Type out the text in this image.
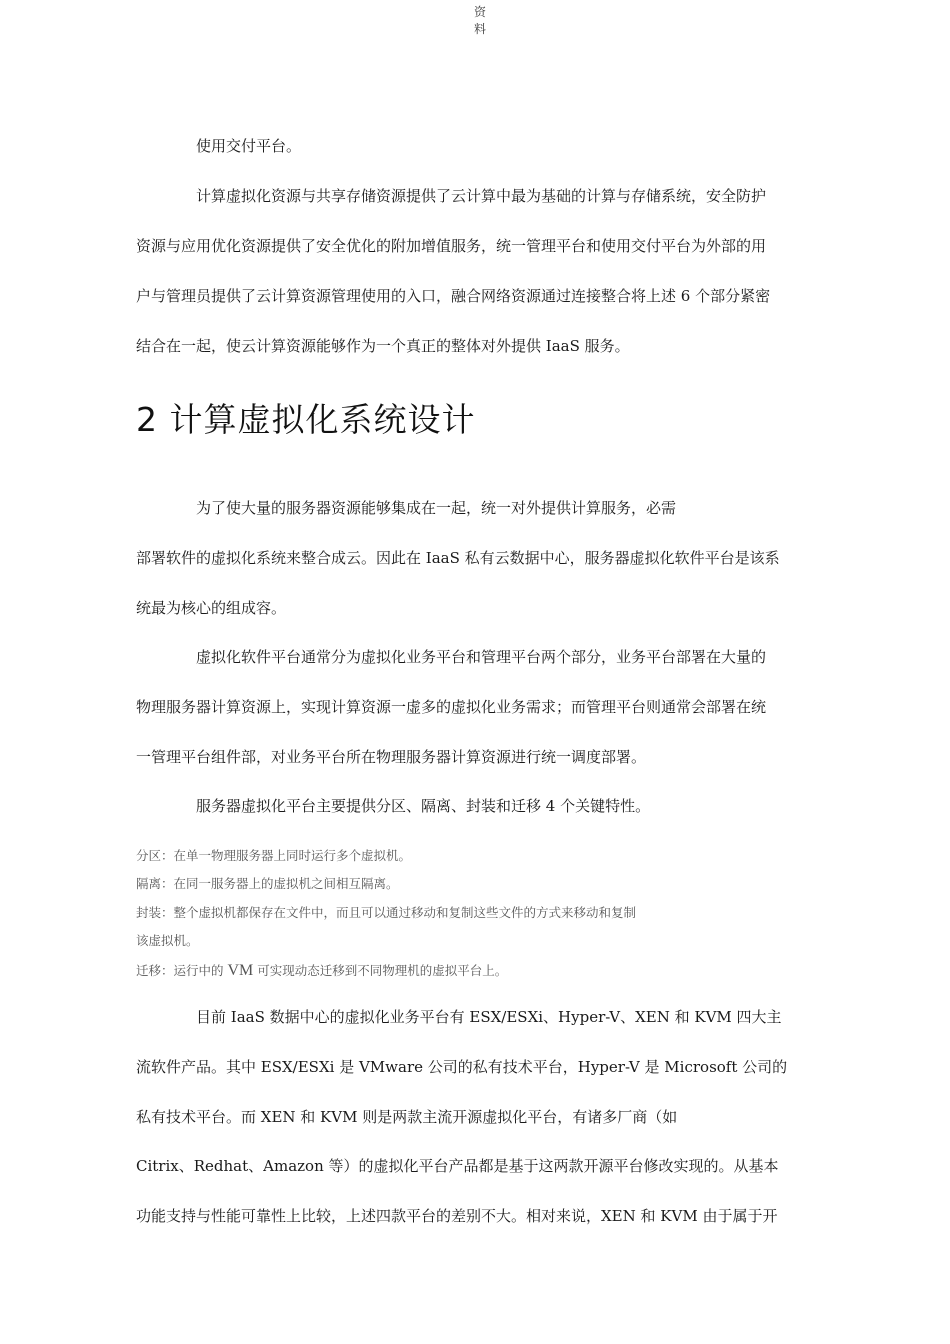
资
料
使用交付平台。
计算虚拟化资源与共享存储资源提供了云计算中最为基础的计算与存储系统，安全防护
资源与应用优化资源提供了安全优化的附加增值服务，统一管理平台和使用交付平台为外部的用
户与管理员提供了云计算资源管理使用的入口，融合网络资源通过连接整合将上述 6 个部分紧密
结合在一起，使云计算资源能够作为一个真正的整体对外提供 IaaS 服务。
2 计算虚拟化系统设计
为了使大量的服务器资源能够集成在一起，统一对外提供计算服务，必需
部署软件的虚拟化系统来整合成云。因此在 IaaS 私有云数据中心，服务器虚拟化软件平台是该系
统最为核心的组成容。
虚拟化软件平台通常分为虚拟化业务平台和管理平台两个部分，业务平台部署在大量的
物理服务器计算资源上，实现计算资源一虚多的虚拟化业务需求；而管理平台则通常会部署在统
一管理平台组件部，对业务平台所在物理服务器计算资源进行统一调度部署。
服务器虚拟化平台主要提供分区、隔离、封装和迁移 4 个关键特性。
分区：在单一物理服务器上同时运行多个虚拟机。
隔离：在同一服务器上的虚拟机之间相互隔离。
封装：整个虚拟机都保存在文件中，而且可以通过移动和复制这些文件的方式来移动和复制
该虚拟机。
迁移：运行中的 VM 可实现动态迁移到不同物理机的虚拟平台上。
目前 IaaS 数据中心的虚拟化业务平台有 ESX/ESXi、Hyper-V、XEN 和 KVM 四大主
流软件产品。其中 ESX/ESXi 是 VMware 公司的私有技术平台，Hyper-V 是 Microsoft 公司的
私有技术平台。而 XEN 和 KVM 则是两款主流开源虚拟化平台，有诸多厂商（如
Citrix、Redhat、Amazon 等）的虚拟化平台产品都是基于这两款开源平台修改实现的。从基本
功能支持与性能可靠性上比较，上述四款平台的差别不大。相对来说，XEN 和 KVM 由于属于开
